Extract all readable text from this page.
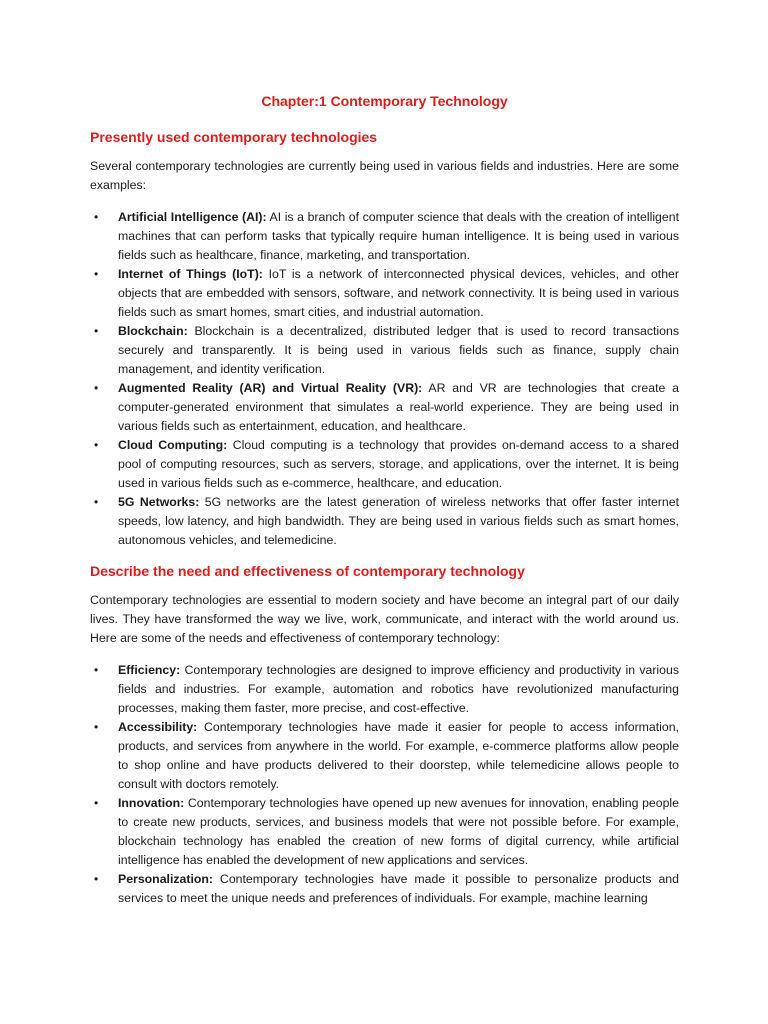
Chapter:1 Contemporary Technology
Presently used contemporary technologies

Several contemporary technologies are currently being used in various fields and industries. Here are some examples:

• Artificial Intelligence (AI): AI is a branch of computer science that deals with the creation of intelligent machines that can perform tasks that typically require human intelligence. It is being used in various fields such as healthcare, finance, marketing, and transportation.
• Internet of Things (IoT): IoT is a network of interconnected physical devices, vehicles, and other objects that are embedded with sensors, software, and network connectivity. It is being used in various fields such as smart homes, smart cities, and industrial automation.
• Blockchain: Blockchain is a decentralized, distributed ledger that is used to record transactions securely and transparently. It is being used in various fields such as finance, supply chain management, and identity verification.
• Augmented Reality (AR) and Virtual Reality (VR): AR and VR are technologies that create a computer-generated environment that simulates a real-world experience. They are being used in various fields such as entertainment, education, and healthcare.
• Cloud Computing: Cloud computing is a technology that provides on-demand access to a shared pool of computing resources, such as servers, storage, and applications, over the internet. It is being used in various fields such as e-commerce, healthcare, and education.
• 5G Networks: 5G networks are the latest generation of wireless networks that offer faster internet speeds, low latency, and high bandwidth. They are being used in various fields such as smart homes, autonomous vehicles, and telemedicine.
Describe the need and effectiveness of contemporary technology

Contemporary technologies are essential to modern society and have become an integral part of our daily lives. They have transformed the way we live, work, communicate, and interact with the world around us. Here are some of the needs and effectiveness of contemporary technology:

• Efficiency: Contemporary technologies are designed to improve efficiency and productivity in various fields and industries. For example, automation and robotics have revolutionized manufacturing processes, making them faster, more precise, and cost-effective.
• Accessibility: Contemporary technologies have made it easier for people to access information, products, and services from anywhere in the world. For example, e-commerce platforms allow people to shop online and have products delivered to their doorstep, while telemedicine allows people to consult with doctors remotely.
• Innovation: Contemporary technologies have opened up new avenues for innovation, enabling people to create new products, services, and business models that were not possible before. For example, blockchain technology has enabled the creation of new forms of digital currency, while artificial intelligence has enabled the development of new applications and services.
• Personalization: Contemporary technologies have made it possible to personalize products and services to meet the unique needs and preferences of individuals. For example, machine learning
